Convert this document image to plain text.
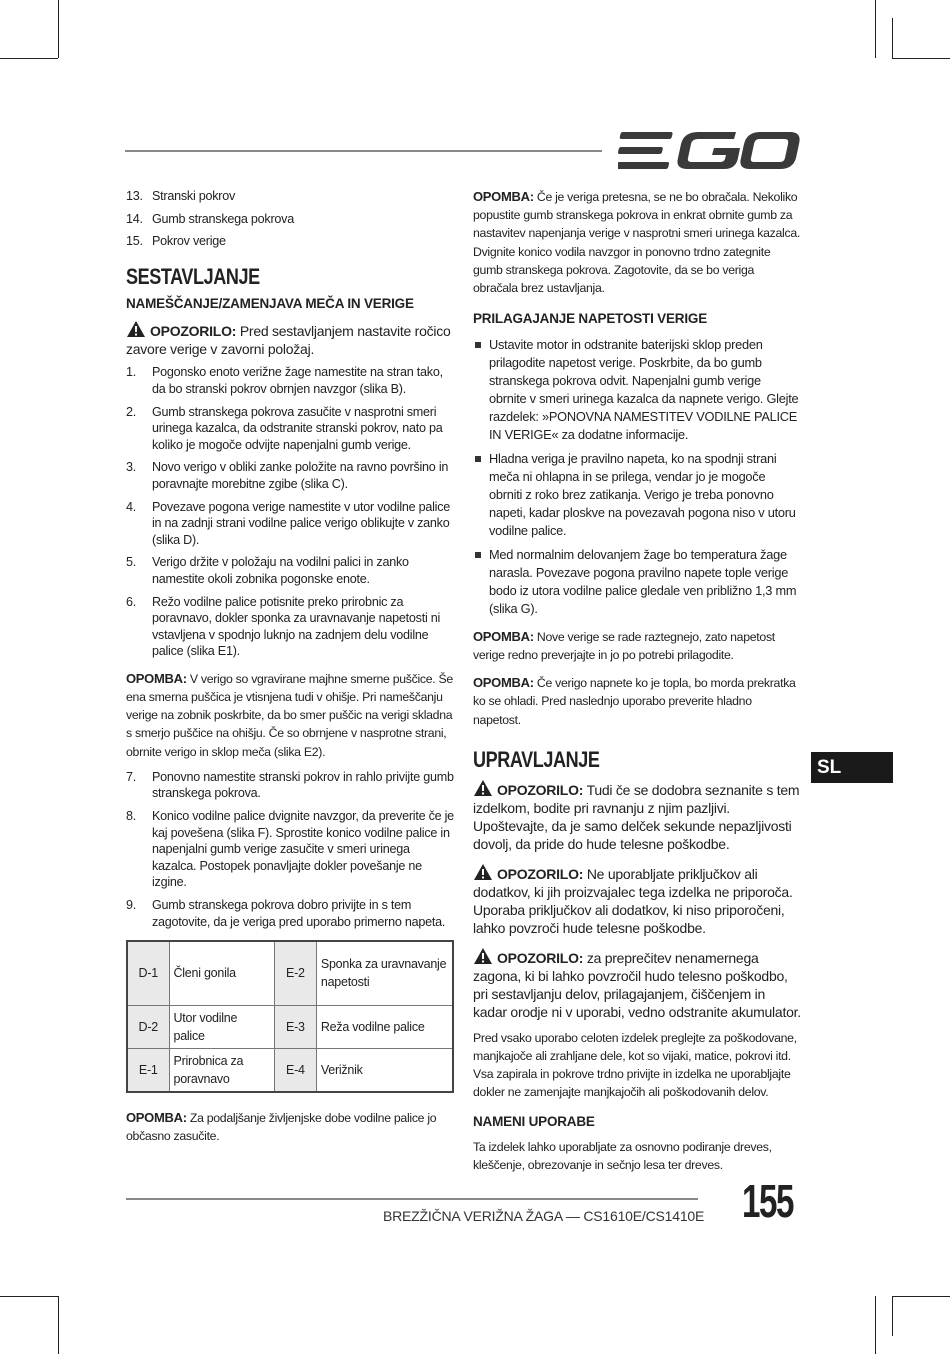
EGO
13. Stranski pokrov
14. Gumb stranskega pokrova
15. Pokrov verige
SESTAVLJANJE
NAMEŠČANJE/ZAMENJAVA MEČA IN VERIGE
OPOZORILO: Pred sestavljanjem nastavite ročico zavore verige v zavorni položaj.
1. Pogonsko enoto verižne žage namestite na stran tako, da bo stranski pokrov obrnjen navzgor (slika B).
2. Gumb stranskega pokrova zasučite v nasprotni smeri urinega kazalca, da odstranite stranski pokrov, nato pa koliko je mogoče odvijte napenjalni gumb verige.
3. Novo verigo v obliki zanke položite na ravno površino in poravnajte morebitne zgibe (slika C).
4. Povezave pogona verige namestite v utor vodilne palice in na zadnji strani vodilne palice verigo oblikujte v zanko (slika D).
5. Verigo držite v položaju na vodilni palici in zanko namestite okoli zobnika pogonske enote.
6. Režo vodilne palice potisnite preko prirobnic za poravnavo, dokler sponka za uravnavanje napetosti ni vstavljena v spodnjo luknjo na zadnjem delu vodilne palice (slika E1).
OPOMBA: V verigo so vgravirane majhne smerne puščice. Še ena smerna puščica je vtisnjena tudi v ohišje. Pri nameščanju verige na zobnik poskrbite, da bo smer puščic na verigi skladna s smerjo puščice na ohišju. Če so obrnjene v nasprotne strani, obrnite verigo in sklop meča (slika E2).
7. Ponovno namestite stranski pokrov in rahlo privijte gumb stranskega pokrova.
8. Konico vodilne palice dvignite navzgor, da preverite če je kaj povešena (slika F). Sprostite konico vodilne palice in napenjalni gumb verige zasučite v smeri urinega kazalca. Postopek ponavljajte dokler povešanje ne izgine.
9. Gumb stranskega pokrova dobro privijte in s tem zagotovite, da je veriga pred uporabo primerno napeta.
D-1	Členi gonila	E-2	Sponka za uravnavanje napetosti
D-2	Utor vodilne palice	E-3	Reža vodilne palice
E-1	Prirobnica za poravnavo	E-4	Verižnik
OPOMBA: Za podaljšanje življenjske dobe vodilne palice jo občasno zasučite.
OPOMBA: Če je veriga pretesna, se ne bo obračala. Nekoliko popustite gumb stranskega pokrova in enkrat obrnite gumb za nastavitev napenjanja verige v nasprotni smeri urinega kazalca. Dvignite konico vodila navzgor in ponovno trdno zategnite gumb stranskega pokrova. Zagotovite, da se bo veriga obračala brez ustavljanja.
PRILAGAJANJE NAPETOSTI VERIGE
Ustavite motor in odstranite baterijski sklop preden prilagodite napetost verige. Poskrbite, da bo gumb stranskega pokrova odvit. Napenjalni gumb verige obrnite v smeri urinega kazalca da napnete verigo. Glejte razdelek: »PONOVNA NAMESTITEV VODILNE PALICE IN VERIGE« za dodatne informacije.
Hladna veriga je pravilno napeta, ko na spodnji strani meča ni ohlapna in se prilega, vendar jo je mogoče obrniti z roko brez zatikanja. Verigo je treba ponovno napeti, kadar ploskve na povezavah pogona niso v utoru vodilne palice.
Med normalnim delovanjem žage bo temperatura žage narasla. Povezave pogona pravilno napete tople verige bodo iz utora vodilne palice gledale ven približno 1,3 mm (slika G).
OPOMBA: Nove verige se rade raztegnejo, zato napetost verige redno preverjajte in jo po potrebi prilagodite.
OPOMBA: Če verigo napnete ko je topla, bo morda prekratka ko se ohladi. Pred naslednjo uporabo preverite hladno napetost.
UPRAVLJANJE
OPOZORILO: Tudi če se dodobra seznanite s tem izdelkom, bodite pri ravnanju z njim pazljivi. Upoštevajte, da je samo delček sekunde nepazljivosti dovolj, da pride do hude telesne poškodbe.
OPOZORILO: Ne uporabljate priključkov ali dodatkov, ki jih proizvajalec tega izdelka ne priporoča. Uporaba priključkov ali dodatkov, ki niso priporočeni, lahko povzroči hude telesne poškodbe.
OPOZORILO: za preprečitev nenamernega zagona, ki bi lahko povzročil hudo telesno poškodbo, pri sestavljanju delov, prilagajanjem, čiščenjem in kadar orodje ni v uporabi, vedno odstranite akumulator.
Pred vsako uporabo celoten izdelek preglejte za poškodovane, manjkajoče ali zrahljane dele, kot so vijaki, matice, pokrovi itd. Vsa zapirala in pokrove trdno privijte in izdelka ne uporabljajte dokler ne zamenjajte manjkajočih ali poškodovanih delov.
NAMENI UPORABE
Ta izdelek lahko uporabljate za osnovno podiranje dreves, kleščenje, obrezovanje in sečnjo lesa ter dreves.
SL
BREZŽIČNA VERIŽNA ŽAGA — CS1610E/CS1410E 155
